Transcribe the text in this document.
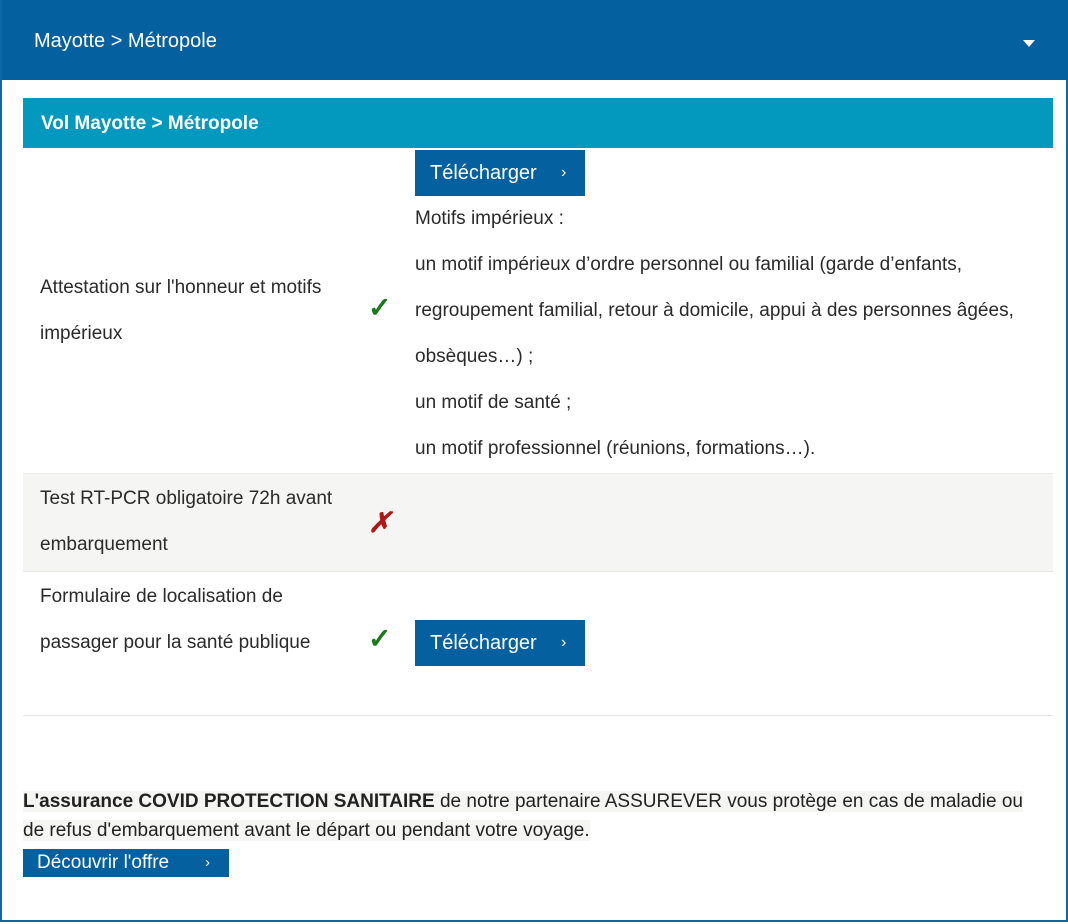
Mayotte > Métropole
Vol Mayotte > Métropole
Attestation sur l'honneur et motifs impérieux
✓
Télécharger ›

Motifs impérieux :

un motif impérieux d’ordre personnel ou familial (garde d’enfants, regroupement familial, retour à domicile, appui à des personnes âgées, obsèques…) ;

un motif de santé ;

un motif professionnel (réunions, formations…).

Test RT-PCR obligatoire 72h avant embarquement
✗
Formulaire de localisation de passager pour la santé publique	✓	Télécharger ›
L'assurance COVID PROTECTION SANITAIRE de notre partenaire ASSUREVER vous protège en cas de maladie ou de refus d'embarquement avant le départ ou pendant votre voyage.
Découvrir l'offre ›
